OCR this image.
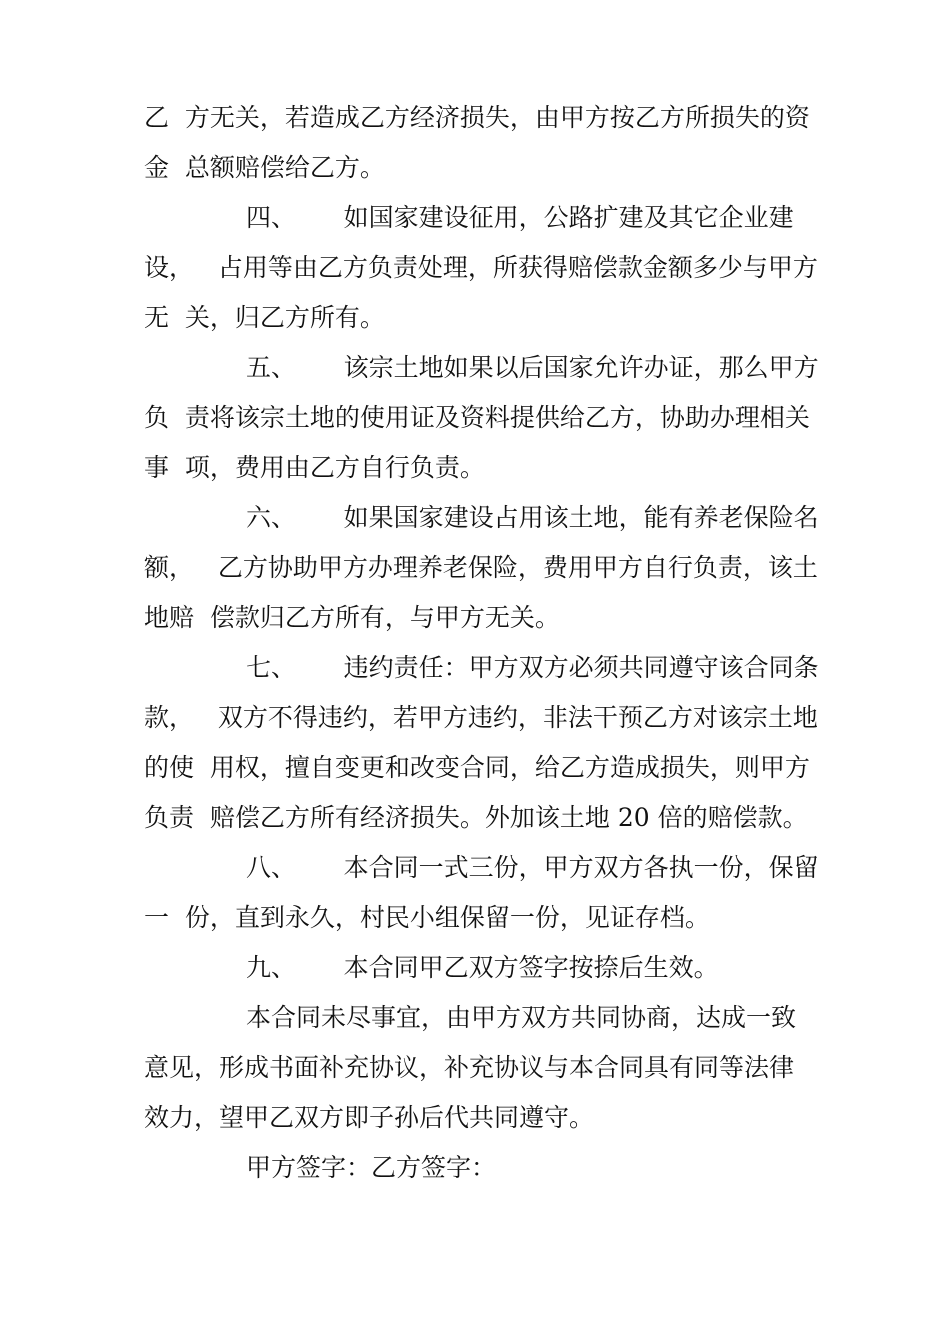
乙  方无关，若造成乙方经济损失，由甲方按乙方所损失的资
金  总额赔偿给乙方。
四、      如国家建设征用，公路扩建及其它企业建
设，   占用等由乙方负责处理，所获得赔偿款金额多少与甲方
无  关，归乙方所有。
五、      该宗土地如果以后国家允许办证，那么甲方
负  责将该宗土地的使用证及资料提供给乙方，协助办理相关
事  项，费用由乙方自行负责。
六、      如果国家建设占用该土地，能有养老保险名
额，   乙方协助甲方办理养老保险，费用甲方自行负责，该土
地赔  偿款归乙方所有，与甲方无关。
七、      违约责任：甲方双方必须共同遵守该合同条
款，   双方不得违约，若甲方违约，非法干预乙方对该宗土地
的使  用权，擅自变更和改变合同，给乙方造成损失，则甲方
负责  赔偿乙方所有经济损失。外加该土地 20 倍的赔偿款。
八、      本合同一式三份，甲方双方各执一份，保留
一  份，直到永久，村民小组保留一份，见证存档。
九、      本合同甲乙双方签字按捺后生效。
本合同未尽事宜，由甲方双方共同协商，达成一致
意见，形成书面补充协议，补充协议与本合同具有同等法律
效力，望甲乙双方即子孙后代共同遵守。
甲方签字：乙方签字：
